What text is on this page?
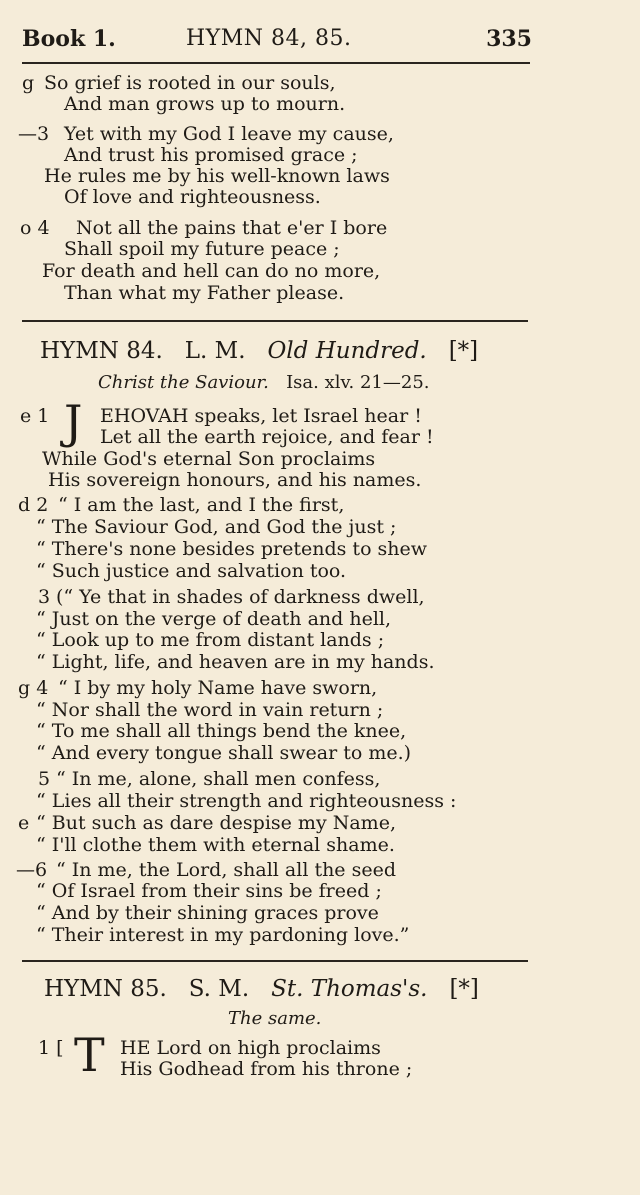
Book 1.	HYMN 84, 85.	335
g So grief is rooted in our souls,
And man grows up to mourn.
—3 Yet with my God I leave my cause,
And trust his promised grace ;
He rules me by his well-known laws
Of love and righteousness.
o 4 Not all the pains that e'er I bore
Shall spoil my future peace ;
For death and hell can do no more,
Than what my Father please.
HYMN 84. L. M. Old Hundred. [*]
Christ the Saviour. Isa. xlv. 21—25.
e 1 J EHOVAH speaks, let Israel hear !
Let all the earth rejoice, and fear !
While God's eternal Son proclaims
His sovereign honours, and his names.
d 2 “ I am the last, and I the first,
“ The Saviour God, and God the just ;
“ There's none besides pretends to shew
“ Such justice and salvation too.
3 (“ Ye that in shades of darkness dwell,
“ Just on the verge of death and hell,
“ Look up to me from distant lands ;
“ Light, life, and heaven are in my hands.
g 4 “ I by my holy Name have sworn,
“ Nor shall the word in vain return ;
“ To me shall all things bend the knee,
“ And every tongue shall swear to me.)
5 “ In me, alone, shall men confess,
“ Lies all their strength and righteousness :
e “ But such as dare despise my Name,
“ I'll clothe them with eternal shame.
—6 “ In me, the Lord, shall all the seed
“ Of Israel from their sins be freed ;
“ And by their shining graces prove
“ Their interest in my pardoning love.”
HYMN 85. S. M. St. Thomas's. [*]
The same.
1 [ T HE Lord on high proclaims
His Godhead from his throne ;
